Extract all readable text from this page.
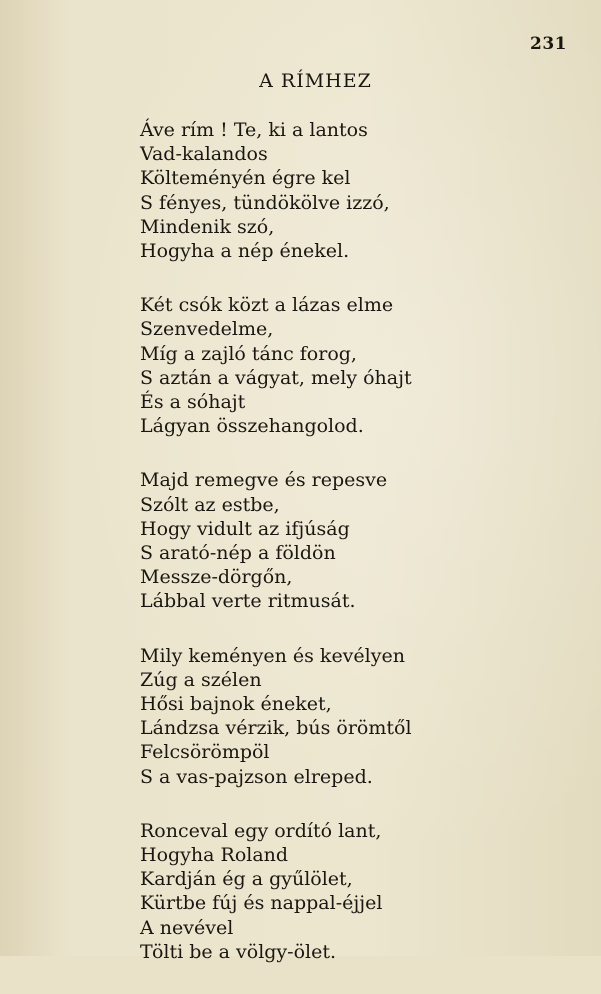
231
A RÍMHEZ
Áve rím ! Te, ki a lantos
Vad-kalandos
Költeményén égre kel
S fényes, tündökölve izzó,
Mindenik szó,
Hogyha a nép énekel.
Két csók közt a lázas elme
Szenvedelme,
Míg a zajló tánc forog,
S aztán a vágyat, mely óhajt
És a sóhajt
Lágyan összehangolod.
Majd remegve és repesve
Szólt az estbe,
Hogy vidult az ifjúság
S arató-nép a földön
Messze-dörgőn,
Lábbal verte ritmusát.
Mily keményen és kevélyen
Zúg a szélen
Hősi bajnok éneket,
Lándzsa vérzik, bús örömtől
Felcsörömpöl
S a vas-pajzson elreped.
Ronceval egy ordító lant,
Hogyha Roland
Kardján ég a gyűlölet,
Kürtbe fúj és nappal-éjjel
A nevével
Tölti be a völgy-ölet.
